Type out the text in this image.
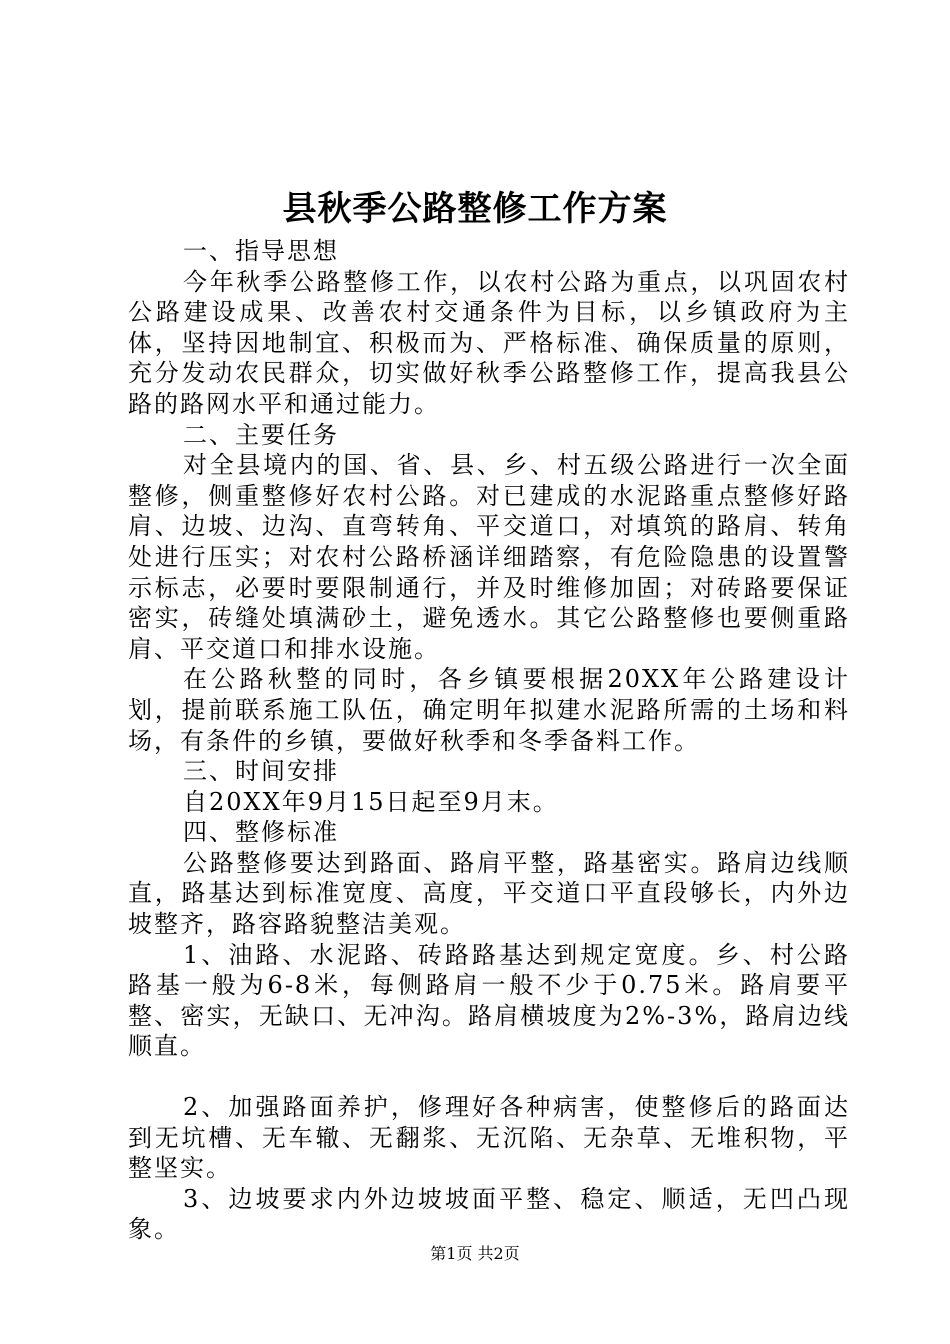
县秋季公路整修工作方案

一、指导思想

今年秋季公路整修工作，以农村公路为重点，以巩固农村公路建设成果、改善农村交通条件为目标，以乡镇政府为主体，坚持因地制宜、积极而为、严格标准、确保质量的原则，充分发动农民群众，切实做好秋季公路整修工作，提高我县公路的路网水平和通过能力。

二、主要任务

对全县境内的国、省、县、乡、村五级公路进行一次全面整修，侧重整修好农村公路。对已建成的水泥路重点整修好路肩、边坡、边沟、直弯转角、平交道口，对填筑的路肩、转角处进行压实；对农村公路桥涵详细踏察，有危险隐患的设置警示标志，必要时要限制通行，并及时维修加固；对砖路要保证密实，砖缝处填满砂土，避免透水。其它公路整修也要侧重路肩、平交道口和排水设施。

在公路秋整的同时，各乡镇要根据20XX年公路建设计划，提前联系施工队伍，确定明年拟建水泥路所需的土场和料场，有条件的乡镇，要做好秋季和冬季备料工作。

三、时间安排

自20XX年9月15日起至9月末。

四、整修标准

公路整修要达到路面、路肩平整，路基密实。路肩边线顺直，路基达到标准宽度、高度，平交道口平直段够长，内外边坡整齐，路容路貌整洁美观。

1、油路、水泥路、砖路路基达到规定宽度。乡、村公路路基一般为6-8米，每侧路肩一般不少于0.75米。路肩要平整、密实，无缺口、无冲沟。路肩横坡度为2%-3%，路肩边线顺直。

2、加强路面养护，修理好各种病害，使整修后的路面达到无坑槽、无车辙、无翻浆、无沉陷、无杂草、无堆积物，平整坚实。

3、边坡要求内外边坡坡面平整、稳定、顺适，无凹凸现象。

第1页 共2页
